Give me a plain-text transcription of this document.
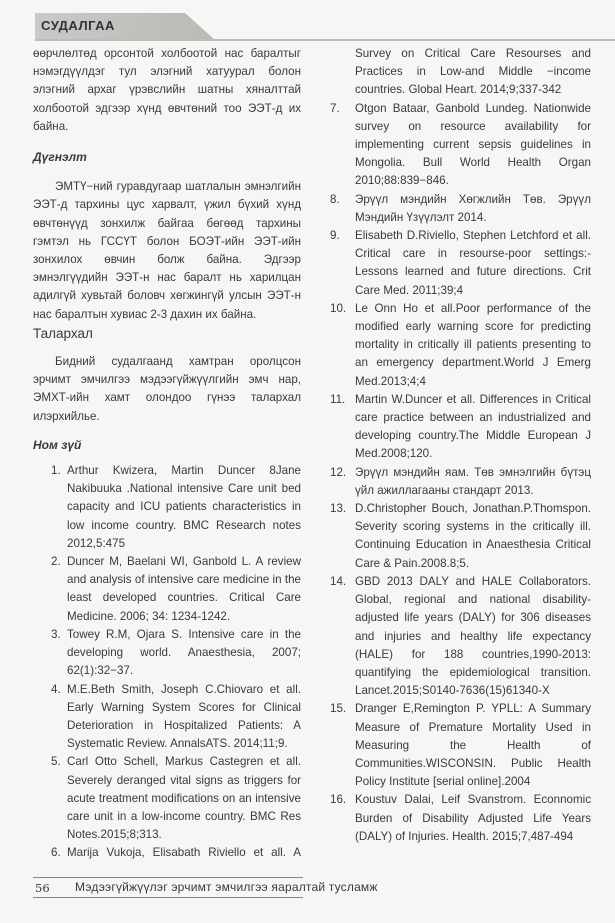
СУДАЛГАА

өөрчлөлтөд орсонтой холбоотой нас баралтыг нэмэгдүүлдэг тул элэгний хатуурал болон элэгний архаг үрэвслийн шатны хяналттай холбоотой эдгээр хүнд өвчтөний тоо ЭЭТ-д их байна.

Дүгнэлт

ЭМТҮ−ний гуравдугаар шатлалын эмнэлгийн ЭЭТ-д тархины цус харвалт, үжил бүхий хүнд өвчтөнүүд зонхилж байгаа бөгөөд тархины гэмтэл нь ГССҮТ болон БОЭТ-ийн ЭЭТ-ийн зонхилох өвчин болж байна. Эдгээр эмнэлгүүдийн ЭЭТ-н нас баралт нь харилцан адилгүй хувьтай боловч хөгжингүй улсын ЭЭТ-н нас баралтын хувиас 2-3 дахин их байна.

Талархал

Бидний судалгаанд хамтран оролцсон эрчимт эмчилгээ мэдээгүйжүүлгийн эмч нар, ЭМХТ-ийн хамт олондоо гүнээ талархал илэрхийлье.

Ном зүй
1. Arthur Kwizera, Martin Duncer 8Jane Nakibuuka .National intensive Care unit bed capacity and ICU patients characteristics in low income country. BMC Research notes 2012,5:475
2. Duncer M, Baelani WI, Ganbold L. A review and analysis of intensive care medicine in the least developed countries. Critical Care Medicine. 2006; 34: 1234-1242.
3. Towey R.M, Ojara S. Intensive care in the developing world. Anaesthesia, 2007; 62(1):32−37.
4. M.E.Beth Smith, Joseph C.Chiovaro et all. Early Warning System Scores for Clinical Deterioration in Hospitalized Patients: A Systematic Review. AnnalsATS. 2014;11;9.
5. Carl Otto Schell, Markus Castegren et all. Severely deranged vital signs as triggers for acute treatment modifications on an intensive care unit in a low-income country. BMC Res Notes.2015;8;313.
6. Marija Vukoja, Elisabath Riviello et all. A
Survey on Critical Care Resourses and Practices in Low-and Middle −income countries. Global Heart. 2014;9;337-342
7. Otgon Bataar, Ganbold Lundeg. Nationwide survey on resource availability for implementing current sepsis guidelines in Mongolia. Bull World Health Organ 2010;88:839−846.
8. Эрүүл мэндийн Хөгжлийн Төв. Эрүүл Мэндийн Үзүүлэлт 2014.
9. Elisabeth D.Riviello, Stephen Letchford et all. Critical care in resourse-poor settings:-Lessons learned and future directions. Crit Care Med. 2011;39;4
10. Le Onn Ho et all.Poor performance of the modified early warning score for predicting mortality in critically ill patients presenting to an emergency department.World J Emerg Med.2013;4;4
11. Martin W.Duncer et all. Differences in Critical care practice between an industrialized and developing country.The Middle European J Med.2008;120.
12. Эрүүл мэндийн яам. Төв эмнэлгийн бүтэц үйл ажиллагааны стандарт 2013.
13. D.Christopher Bouch, Jonathan.P.Thomspon. Severity scoring systems in the critically ill. Continuing Education in Anaesthesia Critical Care & Pain.2008.8;5.
14. GBD 2013 DALY and HALE Collaborators. Global, regional and national disability-adjusted life years (DALY) for 306 diseases and injuries and healthy life expectancy (HALE) for 188 countries,1990-2013: quantifying the epidemiological transition. Lancet.2015;S0140-7636(15)61340-X
15. Dranger E,Remington P. YPLL: A Summary Measure of Premature Mortality Used in Measuring the Health of Communities.WISCONSIN. Public Health Policy Institute [serial online].2004
16. Koustuv Dalai, Leif Svanstrom. Econnomic Burden of Disability Adjusted Life Years (DALY) of Injuries. Health. 2015;7,487-494
56 Мэдээгүйжүүлэг эрчимт эмчилгээ яаралтай тусламж
